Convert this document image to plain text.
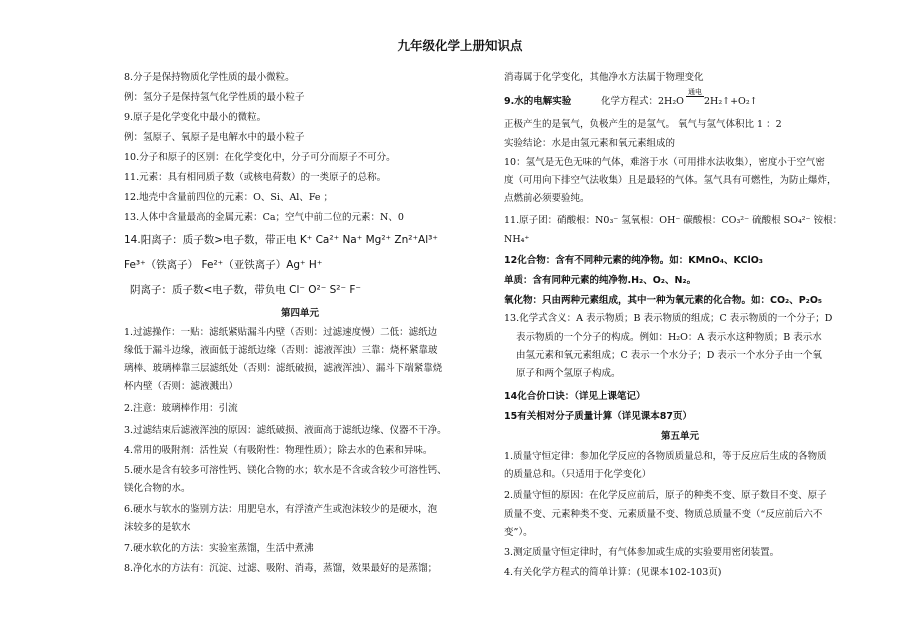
九年级化学上册知识点
8.分子是保持物质化学性质的最小微粒。
例：氢分子是保持氢气化学性质的最小粒子
9.原子是化学变化中最小的微粒。
例：氢原子、氧原子是电解水中的最小粒子
10.分子和原子的区别：在化学变化中，分子可分而原子不可分。
11.元素：具有相同质子数（或核电荷数）的一类原子的总称。
12.地壳中含量前四位的元素：O、Si、Al、Fe ；
13.人体中含量最高的金属元素：Ca；空气中前二位的元素：N、0
14.阳离子：质子数>电子数，带正电 K⁺ Ca²⁺ Na⁺ Mg²⁺ Zn²⁺Al³⁺
Fe³⁺（铁离子） Fe²⁺（亚铁离子）Ag⁺ H⁺
阴离子：质子数<电子数，带负电 Cl⁻ O²⁻ S²⁻ F⁻
第四单元
1.过滤操作：一贴：滤纸紧贴漏斗内壁（否则：过滤速度慢）二低：滤纸边
缘低于漏斗边缘，液面低于滤纸边缘（否则：滤液浑浊）三靠：烧杯紧靠玻
璃棒、玻璃棒靠三层滤纸处（否则：滤纸破损，滤液浑浊）、漏斗下端紧靠烧
杯内壁（否则：滤液溅出）
2.注意：玻璃棒作用：引流
3.过滤结束后滤液浑浊的原因：滤纸破损、液面高于滤纸边缘、仪器不干净。
4.常用的吸附剂：活性炭（有吸附性：物理性质）；除去水的色素和异味。
5.硬水是含有较多可溶性钙、镁化合物的水；软水是不含或含较少可溶性钙、
镁化合物的水。
6.硬水与软水的鉴别方法：用肥皂水，有浮渣产生或泡沫较少的是硬水，泡
沫较多的是软水
7.硬水软化的方法：实验室蒸馏，生活中煮沸
8.净化水的方法有：沉淀、过滤、吸附、消毒，蒸馏，效果最好的是蒸馏；
消毒属于化学变化，其他净水方法属于物理变化
9.水的电解实验	化学方程式：2H₂O
通电
2H₂↑+O₂↑
正极产生的是氧气，负极产生的是氢气。 氧气与氢气体积比 1 ：2
实验结论：水是由氢元素和氧元素组成的
10：氢气是无色无味的气体，难溶于水（可用排水法收集），密度小于空气密
度（可用向下排空气法收集）且是最轻的气体。氢气具有可燃性，为防止爆炸，
点燃前必须要验纯。
11.原子团：硝酸根：N0₃⁻ 氢氧根：OH⁻ 碳酸根：CO₃²⁻ 硫酸根 SO₄²⁻ 铵根：
NH₄⁺
12化合物：含有不同种元素的纯净物。如：KMnO₄、KClO₃
单质：含有同种元素的纯净物.H₂、O₂、N₂。
氧化物：只由两种元素组成，其中一种为氧元素的化合物。如：CO₂、P₂O₅
13.化学式含义：A 表示物质；B 表示物质的组成；C 表示物质的一个分子；D
表示物质的一个分子的构成。例如：H₂O：A 表示水这种物质；B 表示水
由氢元素和氧元素组成；C 表示一个水分子；D 表示一个水分子由一个氧
原子和两个氢原子构成。
14化合价口诀：（详见上课笔记）
15有关相对分子质量计算（详见课本87页）
第五单元
1.质量守恒定律：参加化学反应的各物质质量总和，等于反应后生成的各物质
的质量总和。（只适用于化学变化）
2.质量守恒的原因：在化学反应前后，原子的种类不变、原子数目不变、原子
质量不变、元素种类不变、元素质量不变、物质总质量不变（“反应前后六不
变”）。
3.测定质量守恒定律时，有气体参加或生成的实验要用密闭装置。
4.有关化学方程式的简单计算：(见课本102-103页)
